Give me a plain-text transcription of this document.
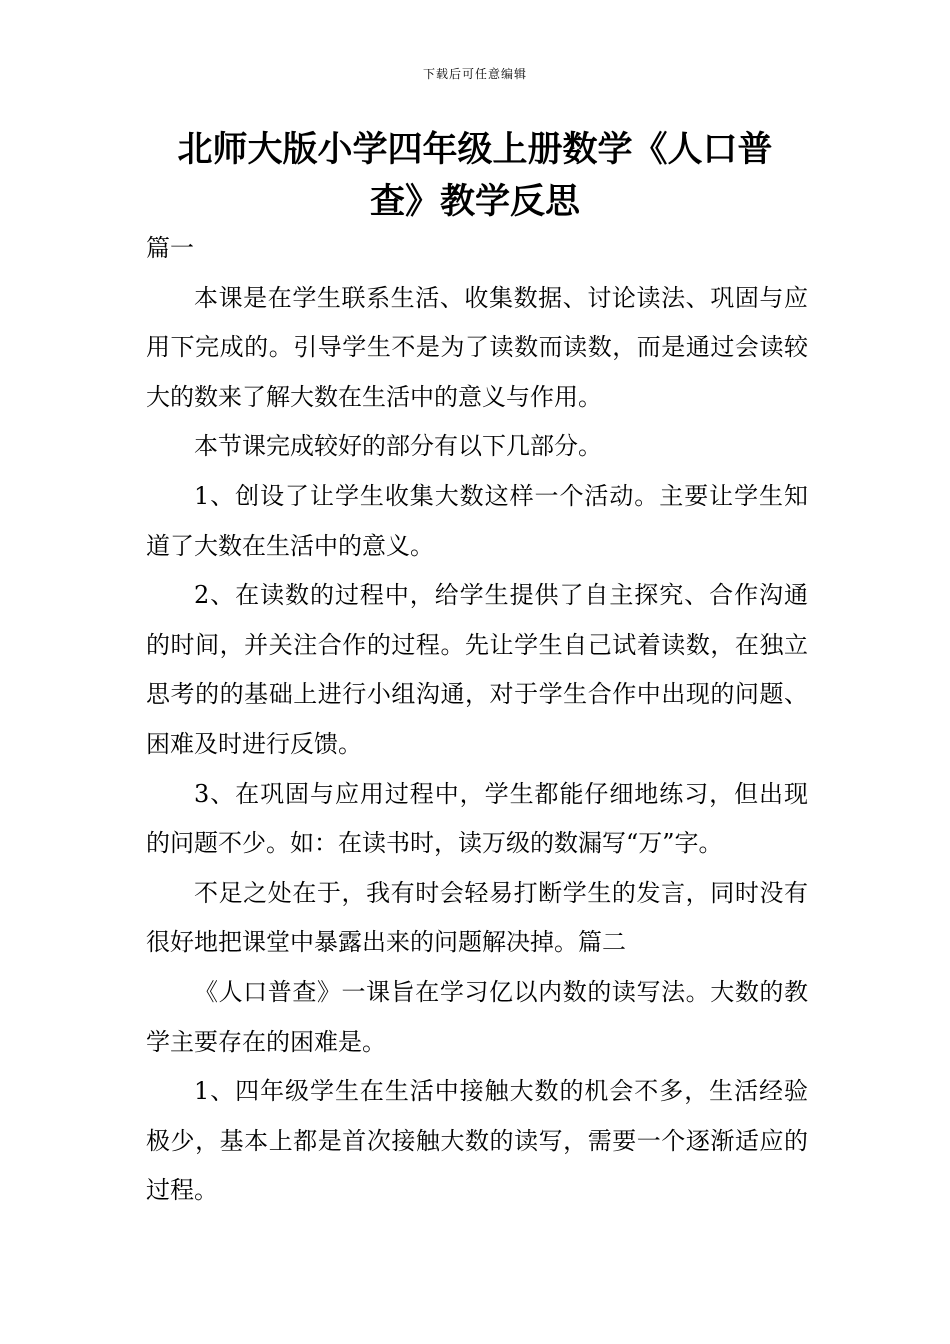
下载后可任意编辑
北师大版小学四年级上册数学《人口普查》教学反思

篇一

本课是在学生联系生活、收集数据、讨论读法、巩固与应用下完成的。引导学生不是为了读数而读数，而是通过会读较大的数来了解大数在生活中的意义与作用。

本节课完成较好的部分有以下几部分。

1、创设了让学生收集大数这样一个活动。主要让学生知道了大数在生活中的意义。

2、在读数的过程中，给学生提供了自主探究、合作沟通的时间，并关注合作的过程。先让学生自己试着读数，在独立思考的的基础上进行小组沟通，对于学生合作中出现的问题、困难及时进行反馈。

3、在巩固与应用过程中，学生都能仔细地练习，但出现的问题不少。如：在读书时，读万级的数漏写“万”字。

不足之处在于，我有时会轻易打断学生的发言，同时没有很好地把课堂中暴露出来的问题解决掉。篇二

《人口普查》一课旨在学习亿以内数的读写法。大数的教学主要存在的困难是。

1、四年级学生在生活中接触大数的机会不多，生活经验极少，基本上都是首次接触大数的读写，需要一个逐渐适应的过程。
